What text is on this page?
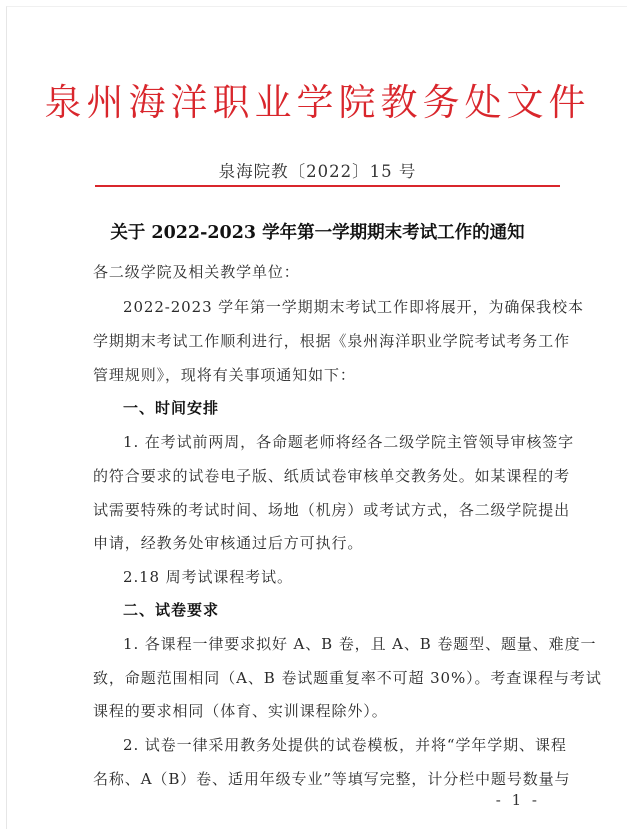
泉州海洋职业学院教务处文件
泉海院教〔2022〕15 号
关于 2022-2023 学年第一学期期末考试工作的通知
各二级学院及相关教学单位：
2022-2023 学年第一学期期末考试工作即将展开，为确保我校本
学期期末考试工作顺利进行，根据《泉州海洋职业学院考试考务工作
管理规则》，现将有关事项通知如下：
一、时间安排
1. 在考试前两周，各命题老师将经各二级学院主管领导审核签字
的符合要求的试卷电子版、纸质试卷审核单交教务处。如某课程的考
试需要特殊的考试时间、场地（机房）或考试方式，各二级学院提出
申请，经教务处审核通过后方可执行。
2.18 周考试课程考试。
二、试卷要求
1. 各课程一律要求拟好 A、B 卷，且 A、B 卷题型、题量、难度一
致，命题范围相同（A、B 卷试题重复率不可超 30%）。考查课程与考试
课程的要求相同（体育、实训课程除外）。
2. 试卷一律采用教务处提供的试卷模板，并将“学年学期、课程
名称、A（B）卷、适用年级专业”等填写完整，计分栏中题号数量与
- 1 -
